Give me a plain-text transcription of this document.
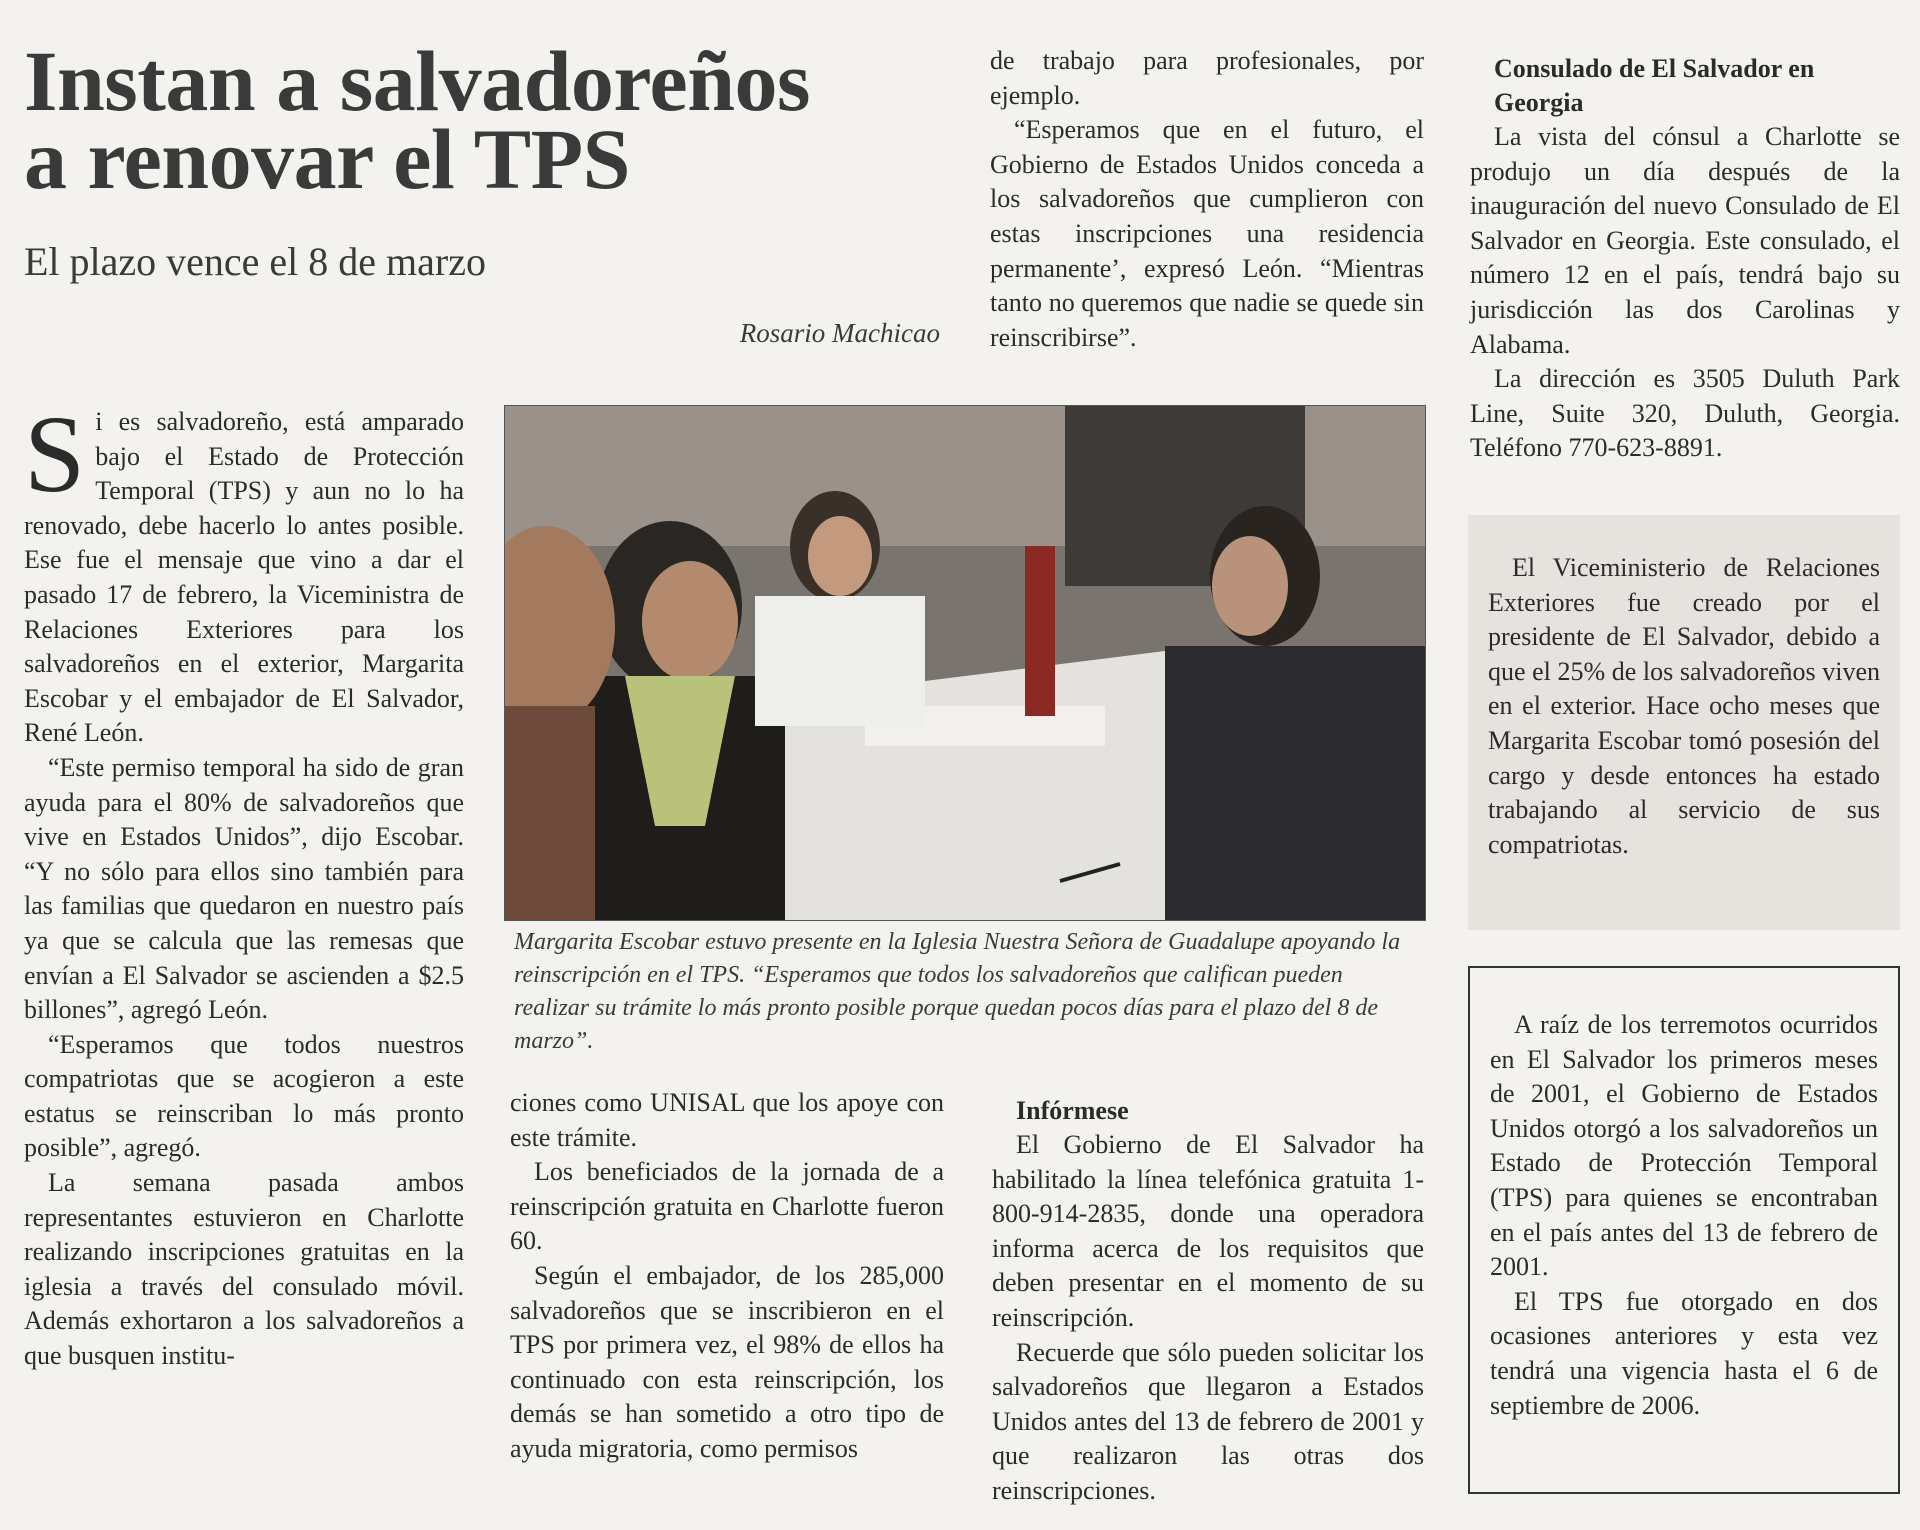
Instan a salvadoreños
a renovar el TPS
El plazo vence el 8 de marzo
Rosario Machicao

Si es salvadoreño, está amparado bajo el Estado de Protección Temporal (TPS) y aun no lo ha renovado, debe hacerlo lo antes posible. Ese fue el mensaje que vino a dar el pasado 17 de febrero, la Viceministra de Relaciones Exteriores para los salvadoreños en el exterior, Margarita Escobar y el embajador de El Salvador, René León.

“Este permiso temporal ha sido de gran ayuda para el 80% de salvadoreños que vive en Estados Unidos”, dijo Escobar. “Y no sólo para ellos sino también para las familias que quedaron en nuestro país ya que se calcula que las remesas que envían a El Salvador se ascienden a $2.5 billones”, agregó León.

“Esperamos que todos nuestros compatriotas que se acogieron a este estatus se reinscriban lo más pronto posible”, agregó.

La semana pasada ambos representantes estuvieron en Charlotte realizando inscripciones gratuitas en la iglesia a través del consulado móvil. Además exhortaron a los salvadoreños a que busquen institu-

de trabajo para profesionales, por ejemplo.

“Esperamos que en el futuro, el Gobierno de Estados Unidos conceda a los salvadoreños que cumplieron con estas inscripciones una residencia permanente’, expresó León. “Mientras tanto no queremos que nadie se quede sin reinscribirse”.

Margarita Escobar estuvo presente en la Iglesia Nuestra Señora de Guadalupe apoyando la reinscripción en el TPS. “Esperamos que todos los salvadoreños que califican pueden realizar su trámite lo más pronto posible porque quedan pocos días para el plazo del 8 de marzo”.

ciones como UNISAL que los apoye con este trámite.

Los beneficiados de la jornada de a reinscripción gratuita en Charlotte fueron 60.

Según el embajador, de los 285,000 salvadoreños que se inscribieron en el TPS por primera vez, el 98% de ellos ha continuado con esta reinscripción, los demás se han sometido a otro tipo de ayuda migratoria, como permisos

Infórmese

El Gobierno de El Salvador ha habilitado la línea telefónica gratuita 1-800-914-2835, donde una operadora informa acerca de los requisitos que deben presentar en el momento de su reinscripción.

Recuerde que sólo pueden solicitar los salvadoreños que llegaron a Estados Unidos antes del 13 de febrero de 2001 y que realizaron las otras dos reinscripciones.

Consulado de El Salvador en Georgia

La vista del cónsul a Charlotte se produjo un día después de la inauguración del nuevo Consulado de El Salvador en Georgia. Este consulado, el número 12 en el país, tendrá bajo su jurisdicción las dos Carolinas y Alabama.

La dirección es 3505 Duluth Park Line, Suite 320, Duluth, Georgia. Teléfono 770-623-8891.

El Viceministerio de Relaciones Exteriores fue creado por el presidente de El Salvador, debido a que el 25% de los salvadoreños viven en el exterior. Hace ocho meses que Margarita Escobar tomó posesión del cargo y desde entonces ha estado trabajando al servicio de sus compatriotas.

A raíz de los terremotos ocurridos en El Salvador los primeros meses de 2001, el Gobierno de Estados Unidos otorgó a los salvadoreños un Estado de Protección Temporal (TPS) para quienes se encontraban en el país antes del 13 de febrero de 2001.

El TPS fue otorgado en dos ocasiones anteriores y esta vez tendrá una vigencia hasta el 6 de septiembre de 2006.
